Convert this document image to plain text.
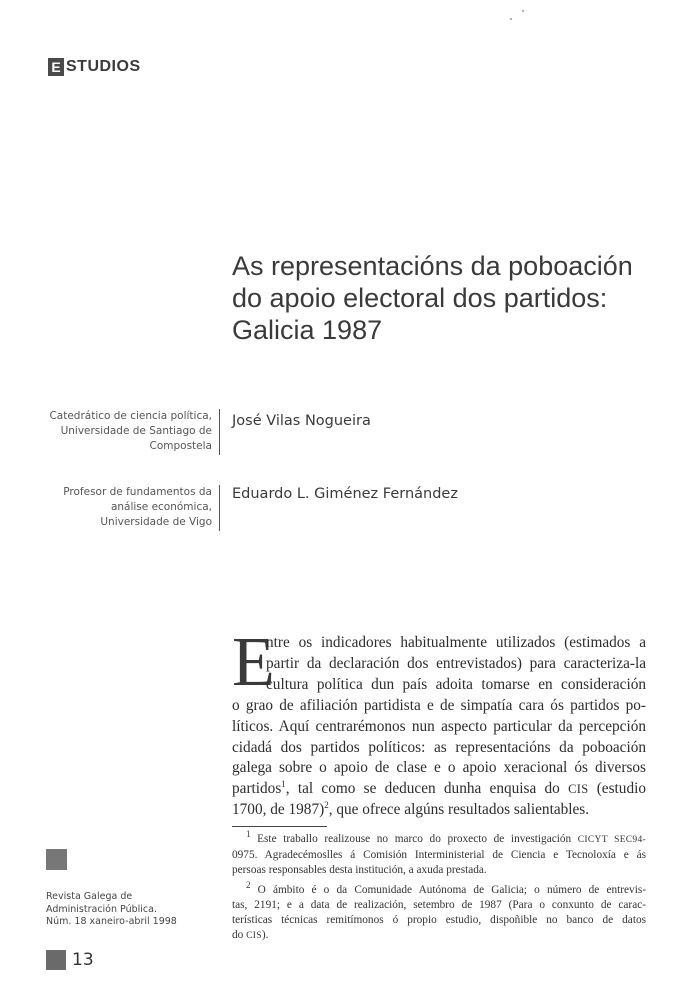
E STUDIOS
As representacións da poboación
do apoio electoral dos partidos:
Galicia 1987
Catedrático de ciencia política,
Universidade de Santiago de
Compostela
José Vilas Nogueira
Profesor de fundamentos da
análise económica,
Universidade de Vigo
Eduardo L. Giménez Fernández
E
ntre os indicadores habitualmente utilizados (estimados a
partir da declaración dos entrevistados) para caracteriza-la
cultura política dun país adoita tomarse en consideración
o grao de afiliación partidista e de simpatía cara ós partidos po-
líticos. Aquí centrarémonos nun aspecto particular da percepción
cidadá dos partidos políticos: as representacións da poboación
galega sobre o apoio de clase e o apoio xeracional ós diversos
partidos$^1$, tal como se deducen dunha enquisa do CIS (estudio
1700, de 1987)$^2$, que ofrece algúns resultados salientables.
$^1$ Este traballo realizouse no marco do proxecto de investigación CICYT SEC94-
0975. Agradecémoslles á Comisión Interministerial de Ciencia e Tecnoloxía e ás
persoas responsables desta institución, a axuda prestada.
$^2$ O ámbito é o da Comunidade Autónoma de Galicia; o número de entrevis-
tas, 2191; e a data de realización, setembro de 1987 (Para o conxunto de carac-
terísticas técnicas remitímonos ó propio estudio, dispoñible no banco de datos
do CIS).
Revista Galega de
Administración Pública.
Núm. 18 xaneiro-abril 1998
13
